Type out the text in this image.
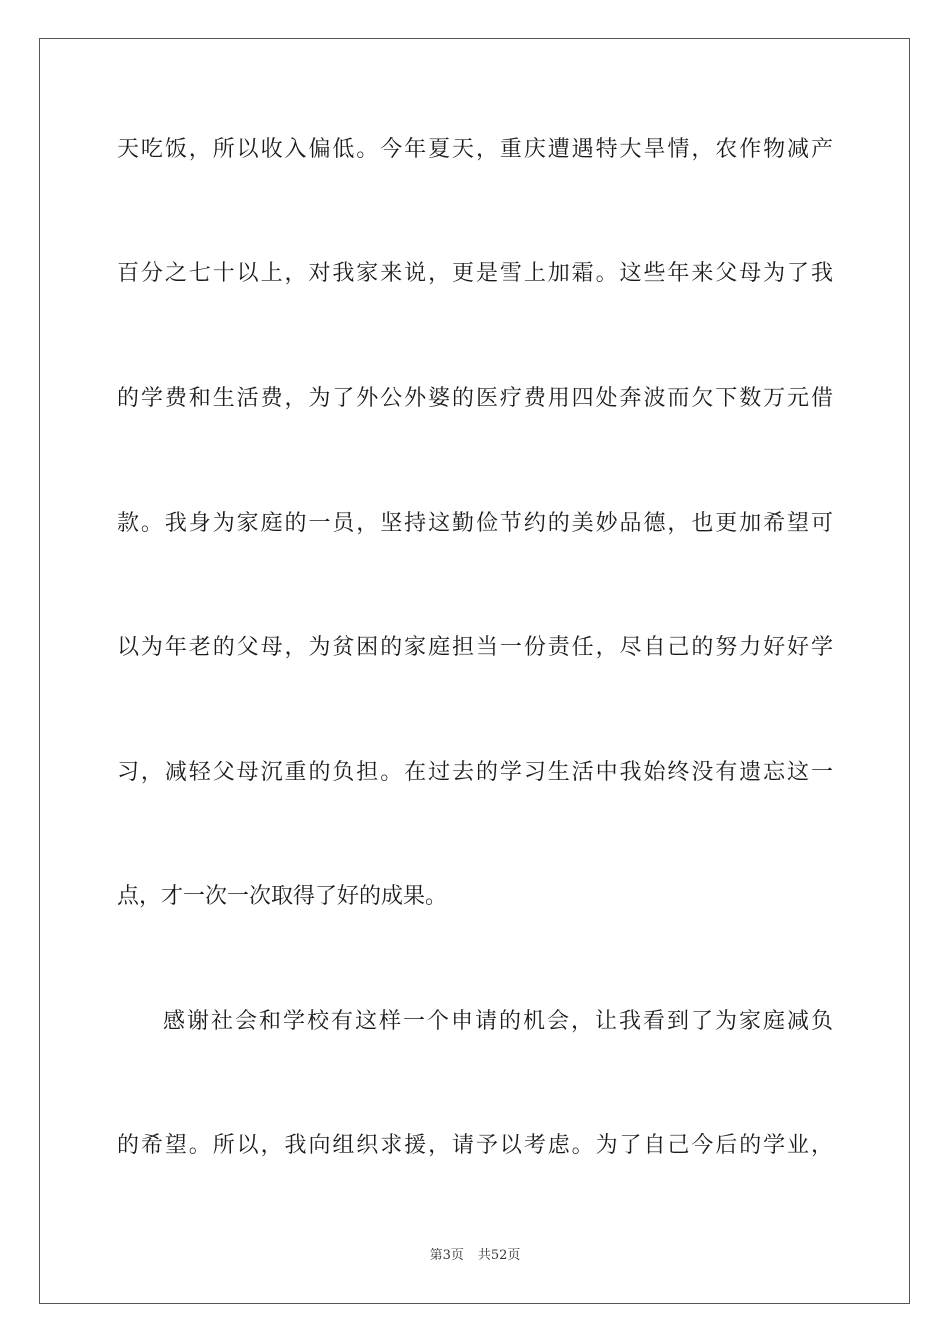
天吃饭，所以收入偏低。今年夏天，重庆遭遇特大旱情，农作物减产
百分之七十以上，对我家来说，更是雪上加霜。这些年来父母为了我
的学费和生活费，为了外公外婆的医疗费用四处奔波而欠下数万元借
款。我身为家庭的一员，坚持这勤俭节约的美妙品德，也更加希望可
以为年老的父母，为贫困的家庭担当一份责任，尽自己的努力好好学
习，减轻父母沉重的负担。在过去的学习生活中我始终没有遗忘这一
点，才一次一次取得了好的成果。
感谢社会和学校有这样一个申请的机会，让我看到了为家庭减负
的希望。所以，我向组织求援，请予以考虑。为了自己今后的学业，
第3页 共52页
